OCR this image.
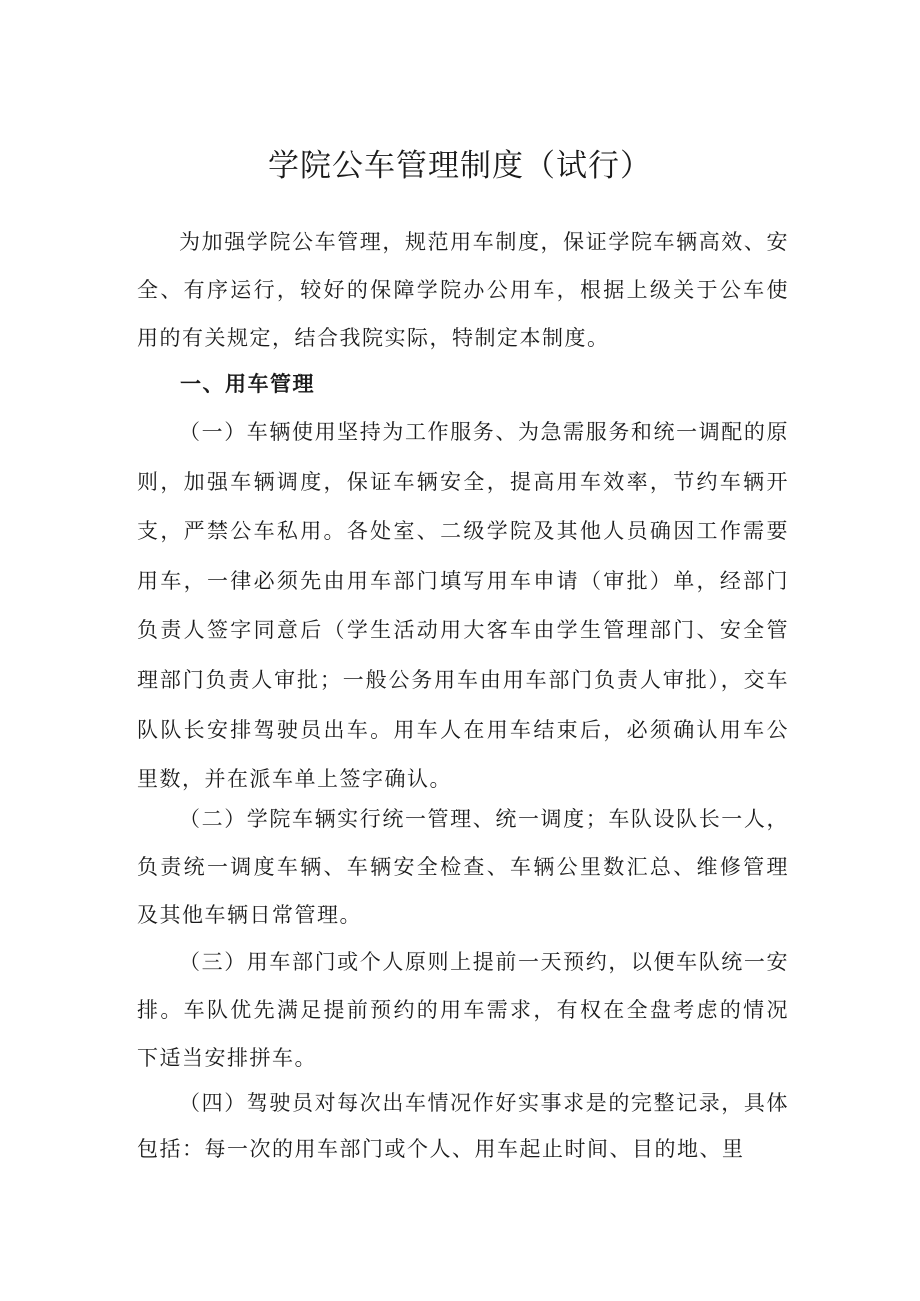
学院公车管理制度（试行）

为加强学院公车管理，规范用车制度，保证学院车辆高效、安全、有序运行，较好的保障学院办公用车，根据上级关于公车使用的有关规定，结合我院实际，特制定本制度。

一、用车管理

（一）车辆使用坚持为工作服务、为急需服务和统一调配的原则，加强车辆调度，保证车辆安全，提高用车效率，节约车辆开支，严禁公车私用。各处室、二级学院及其他人员确因工作需要用车，一律必须先由用车部门填写用车申请（审批）单，经部门负责人签字同意后（学生活动用大客车由学生管理部门、安全管理部门负责人审批；一般公务用车由用车部门负责人审批），交车队队长安排驾驶员出车。用车人在用车结束后，必须确认用车公里数，并在派车单上签字确认。

（二）学院车辆实行统一管理、统一调度；车队设队长一人，负责统一调度车辆、车辆安全检查、车辆公里数汇总、维修管理及其他车辆日常管理。

（三）用车部门或个人原则上提前一天预约，以便车队统一安排。车队优先满足提前预约的用车需求，有权在全盘考虑的情况下适当安排拼车。

（四）驾驶员对每次出车情况作好实事求是的完整记录，具体包括：每一次的用车部门或个人、用车起止时间、目的地、里
